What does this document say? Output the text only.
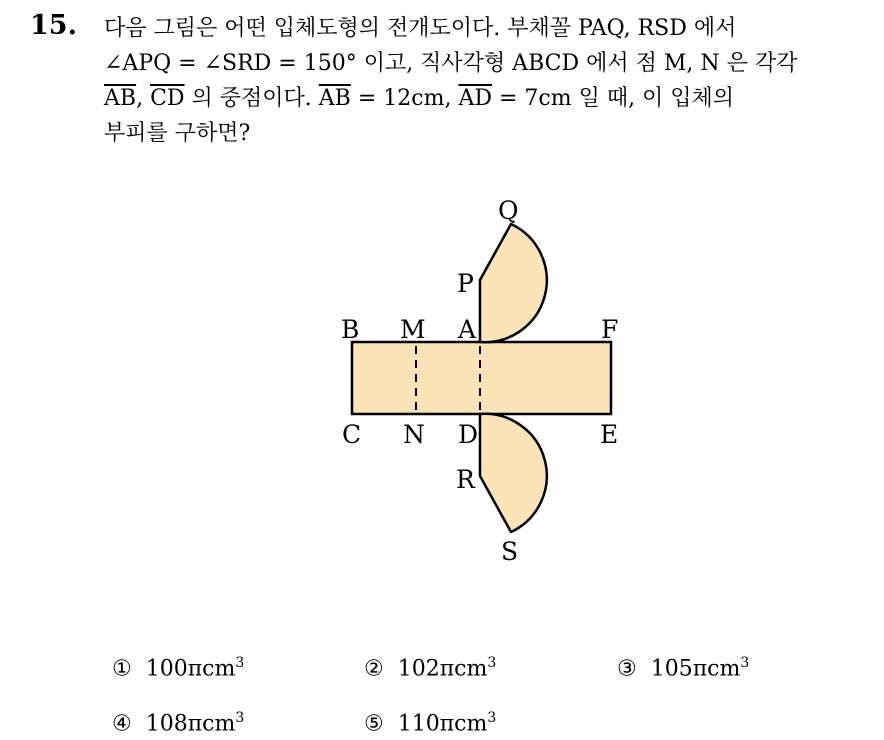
15. 다음 그림은 어떤 입체도형의 전개도이다. 부채꼴 PAQ, RSD 에서
∠APQ = ∠SRD = 150° 이고, 직사각형 ABCD 에서 점 M, N 은 각각
$\overline{AB}$, $\overline{CD}$ 의 중점이다. $\overline{AB} = 12cm$, $\overline{AD} = 7cm$ 일 때, 이 입체의
부피를 구하면?
Q
P
B M A	F
C N D	E
R
S
① 100πcm$^3$	② 102πcm$^3$	③ 105πcm$^3$
④ 108πcm$^3$	⑤ 110πcm$^3$
